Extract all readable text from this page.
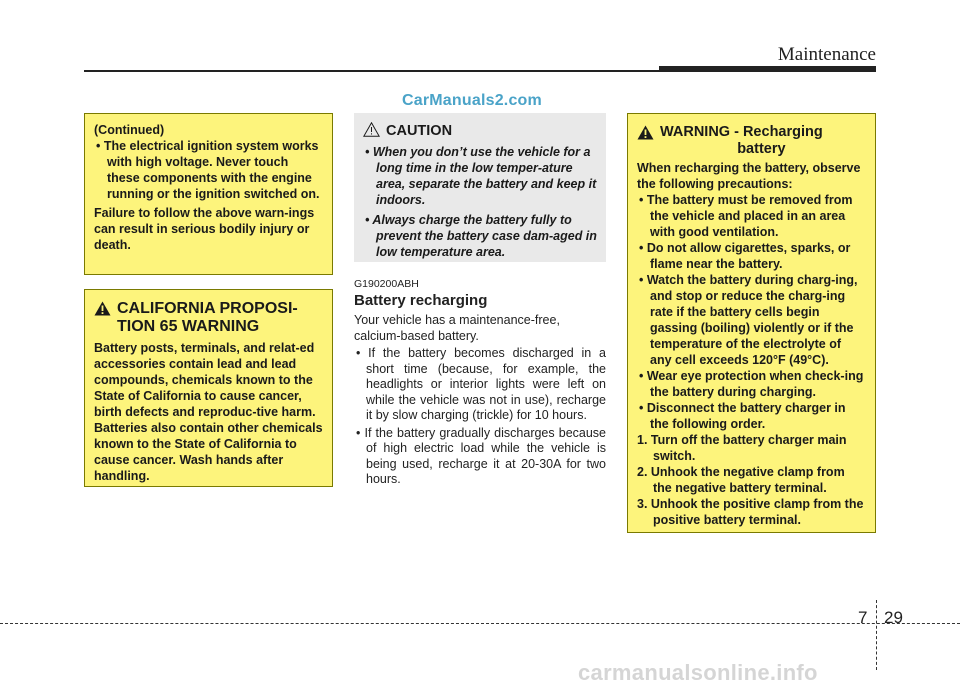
Maintenance
CarManuals2.com

(Continued)

• The electrical ignition system works with high voltage. Never touch these components with the engine running or the ignition switched on.

Failure to follow the above warn-ings can result in serious bodily injury or death.

CALIFORNIA PROPOSI-TION 65 WARNING

Battery posts, terminals, and relat-ed accessories contain lead and lead compounds, chemicals known to the State of California to cause cancer, birth defects and reproduc-tive harm. Batteries also contain other chemicals known to the State of California to cause cancer. Wash hands after handling.

CAUTION

• When you don’t use the vehicle for a long time in the low temper-ature area, separate the battery and keep it indoors.

• Always charge the battery fully to prevent the battery case dam-aged in low temperature area.

G190200ABH
Battery recharging

Your vehicle has a maintenance-free, calcium-based battery.

• If the battery becomes discharged in a short time (because, for example, the headlights or interior lights were left on while the vehicle was not in use), recharge it by slow charging (trickle) for 10 hours.

• If the battery gradually discharges because of high electric load while the vehicle is being used, recharge it at 20-30A for two hours.

WARNING - Recharging
battery

When recharging the battery, observe the following precautions:

• The battery must be removed from the vehicle and placed in an area with good ventilation.

• Do not allow cigarettes, sparks, or flame near the battery.

• Watch the battery during charg-ing, and stop or reduce the charg-ing rate if the battery cells begin gassing (boiling) violently or if the temperature of the electrolyte of any cell exceeds 120°F (49°C).

• Wear eye protection when check-ing the battery during charging.

• Disconnect the battery charger in the following order.

1. Turn off the battery charger main switch.

2. Unhook the negative clamp from the negative battery terminal.

3. Unhook the positive clamp from the positive battery terminal.

7 29
carmanualsonline.info
